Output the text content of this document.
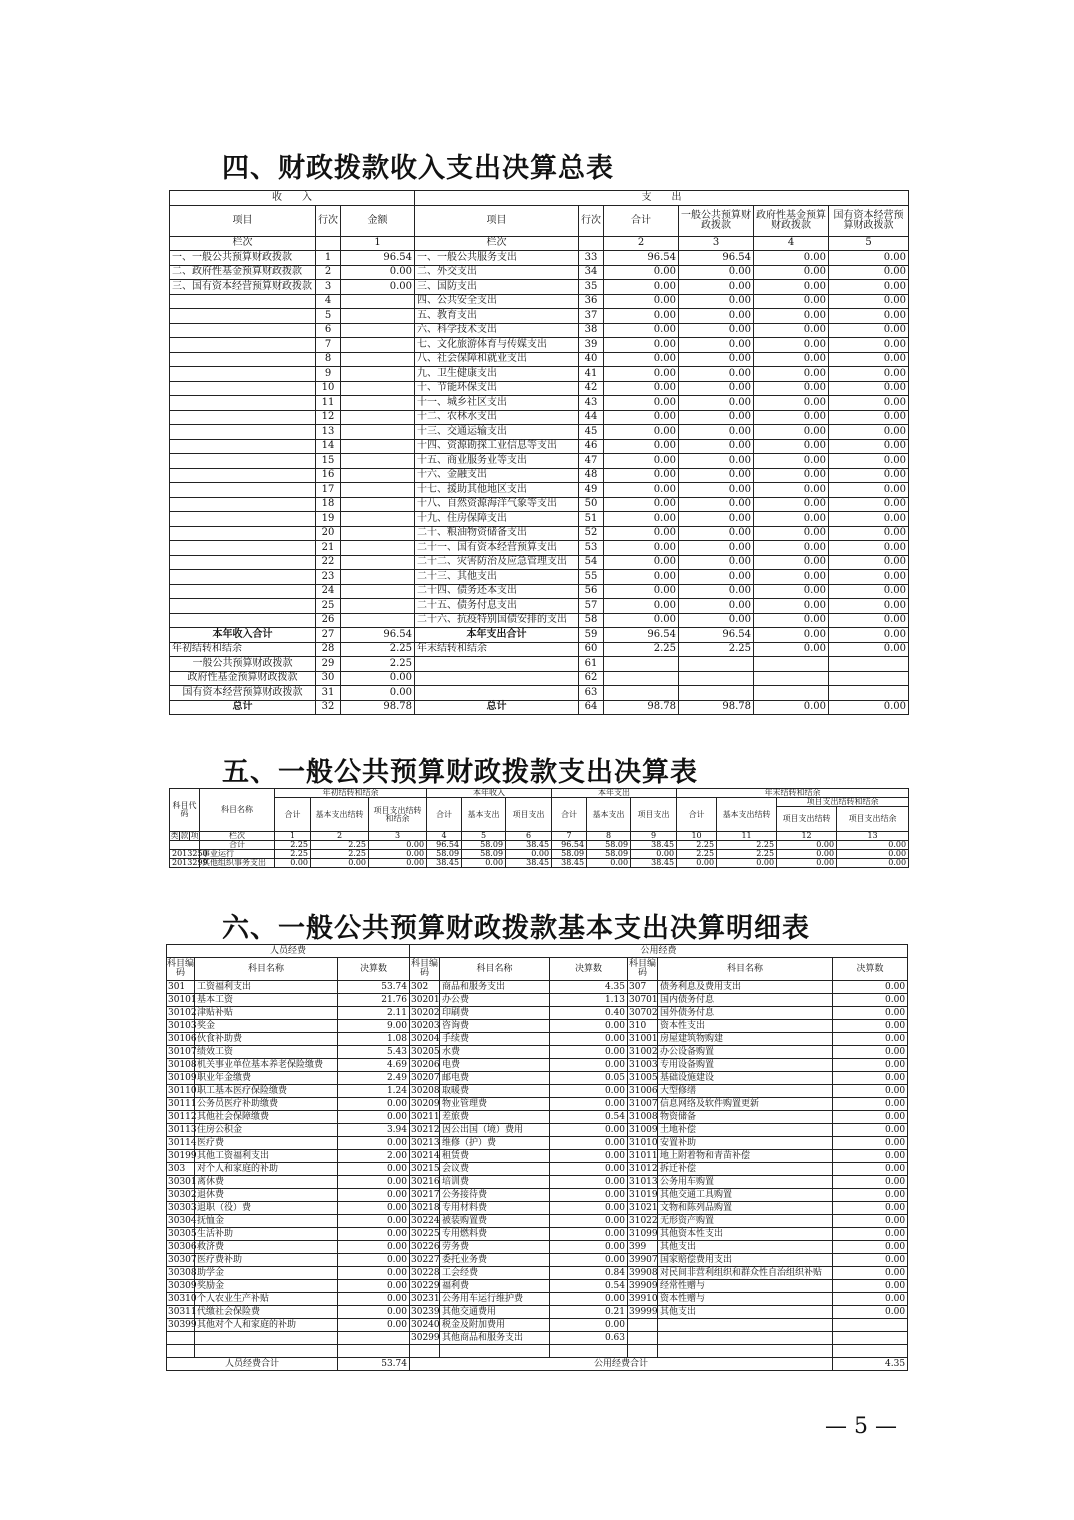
四、财政拨款收入支出决算总表
收　　入			支　　出					
项目	行次	金额	项目	行次	合计	一般公共预算财政拨款	政府性基金预算财政拨款	国有资本经营预算财政拨款
栏次		1	栏次		2	3	4	5
一、一般公共预算财政拨款	1	96.54	一、一般公共服务支出	33	96.54	96.54	0.00	0.00
二、政府性基金预算财政拨款	2	0.00	二、外交支出	34	0.00	0.00	0.00	0.00
三、国有资本经营预算财政拨款	3	0.00	三、国防支出	35	0.00	0.00	0.00	0.00
	4		四、公共安全支出	36	0.00	0.00	0.00	0.00
	5		五、教育支出	37	0.00	0.00	0.00	0.00
	6		六、科学技术支出	38	0.00	0.00	0.00	0.00
	7		七、文化旅游体育与传媒支出	39	0.00	0.00	0.00	0.00
	8		八、社会保障和就业支出	40	0.00	0.00	0.00	0.00
	9		九、卫生健康支出	41	0.00	0.00	0.00	0.00
	10		十、节能环保支出	42	0.00	0.00	0.00	0.00
	11		十一、城乡社区支出	43	0.00	0.00	0.00	0.00
	12		十二、农林水支出	44	0.00	0.00	0.00	0.00
	13		十三、交通运输支出	45	0.00	0.00	0.00	0.00
	14		十四、资源勘探工业信息等支出	46	0.00	0.00	0.00	0.00
	15		十五、商业服务业等支出	47	0.00	0.00	0.00	0.00
	16		十六、金融支出	48	0.00	0.00	0.00	0.00
	17		十七、援助其他地区支出	49	0.00	0.00	0.00	0.00
	18		十八、自然资源海洋气象等支出	50	0.00	0.00	0.00	0.00
	19		十九、住房保障支出	51	0.00	0.00	0.00	0.00
	20		二十、粮油物资储备支出	52	0.00	0.00	0.00	0.00
	21		二十一、国有资本经营预算支出	53	0.00	0.00	0.00	0.00
	22		二十二、灾害防治及应急管理支出	54	0.00	0.00	0.00	0.00
	23		二十三、其他支出	55	0.00	0.00	0.00	0.00
	24		二十四、债务还本支出	56	0.00	0.00	0.00	0.00
	25		二十五、债务付息支出	57	0.00	0.00	0.00	0.00
	26		二十六、抗疫特别国债安排的支出	58	0.00	0.00	0.00	0.00
本年收入合计	27	96.54	本年支出合计	59	96.54	96.54	0.00	0.00
年初结转和结余	28	2.25	年末结转和结余	60	2.25	2.25	0.00	0.00
一般公共预算财政拨款	29	2.25		61				
政府性基金预算财政拨款	30	0.00		62				
国有资本经营预算财政拨款	31	0.00		63				
总计	32	98.78	总计	64	98.78	98.78	0.00	0.00
五、一般公共预算财政拨款支出决算表
科目代码			科目名称	年初结转和结余			本年收入			本年支出			年末结转和结余			
				合计	基本支出结转	项目支出结转和结余	合计	基本支出	项目支出	合计	基本支出	项目支出	合计	基本支出结转	项目支出结转和结余	
															项目支出结转	项目支出结余
类	款	项	栏次	1	2	3	4	5	6	7	8	9	10	11	12	13
			合计	2.25	2.25	0.00	96.54	58.09	38.45	96.54	58.09	38.45	2.25	2.25	0.00	0.00
2013250			事业运行	2.25	2.25	0.00	58.09	58.09	0.00	58.09	58.09	0.00	2.25	2.25	0.00	0.00
2013299			其他组织事务支出	0.00	0.00	0.00	38.45	0.00	38.45	38.45	0.00	38.45	0.00	0.00	0.00	0.00
六、一般公共预算财政拨款基本支出决算明细表
人员经费			公用经费					
科目编码	科目名称	决算数	科目编码	科目名称	决算数	科目编码	科目名称	决算数
301	工资福利支出	53.74	302	商品和服务支出	4.35	307	债务利息及费用支出	0.00
30101	基本工资	21.76	30201	办公费	1.13	30701	国内债务付息	0.00
30102	津贴补贴	2.11	30202	印刷费	0.40	30702	国外债务付息	0.00
30103	奖金	9.00	30203	咨询费	0.00	310	资本性支出	0.00
30106	伙食补助费	1.08	30204	手续费	0.00	31001	房屋建筑物购建	0.00
30107	绩效工资	5.43	30205	水费	0.00	31002	办公设备购置	0.00
30108	机关事业单位基本养老保险缴费	4.69	30206	电费	0.00	31003	专用设备购置	0.00
30109	职业年金缴费	2.49	30207	邮电费	0.05	31005	基础设施建设	0.00
30110	职工基本医疗保险缴费	1.24	30208	取暖费	0.00	31006	大型修缮	0.00
30111	公务员医疗补助缴费	0.00	30209	物业管理费	0.00	31007	信息网络及软件购置更新	0.00
30112	其他社会保障缴费	0.00	30211	差旅费	0.54	31008	物资储备	0.00
30113	住房公积金	3.94	30212	因公出国（境）费用	0.00	31009	土地补偿	0.00
30114	医疗费	0.00	30213	维修（护）费	0.00	31010	安置补助	0.00
30199	其他工资福利支出	2.00	30214	租赁费	0.00	31011	地上附着物和青苗补偿	0.00
303	对个人和家庭的补助	0.00	30215	会议费	0.00	31012	拆迁补偿	0.00
30301	离休费	0.00	30216	培训费	0.00	31013	公务用车购置	0.00
30302	退休费	0.00	30217	公务接待费	0.00	31019	其他交通工具购置	0.00
30303	退职（役）费	0.00	30218	专用材料费	0.00	31021	文物和陈列品购置	0.00
30304	抚恤金	0.00	30224	被装购置费	0.00	31022	无形资产购置	0.00
30305	生活补助	0.00	30225	专用燃料费	0.00	31099	其他资本性支出	0.00
30306	救济费	0.00	30226	劳务费	0.00	399	其他支出	0.00
30307	医疗费补助	0.00	30227	委托业务费	0.00	39907	国家赔偿费用支出	0.00
30308	助学金	0.00	30228	工会经费	0.84	39908	对民间非营利组织和群众性自治组织补贴	0.00
30309	奖励金	0.00	30229	福利费	0.54	39909	经常性赠与	0.00
30310	个人农业生产补贴	0.00	30231	公务用车运行维护费	0.00	39910	资本性赠与	0.00
30311	代缴社会保险费	0.00	30239	其他交通费用	0.21	39999	其他支出	0.00
30399	其他对个人和家庭的补助	0.00	30240	税金及附加费用	0.00			
			30299	其他商品和服务支出	0.63			

人员经费合计		53.74	公用经费合计					4.35
— 5 —
